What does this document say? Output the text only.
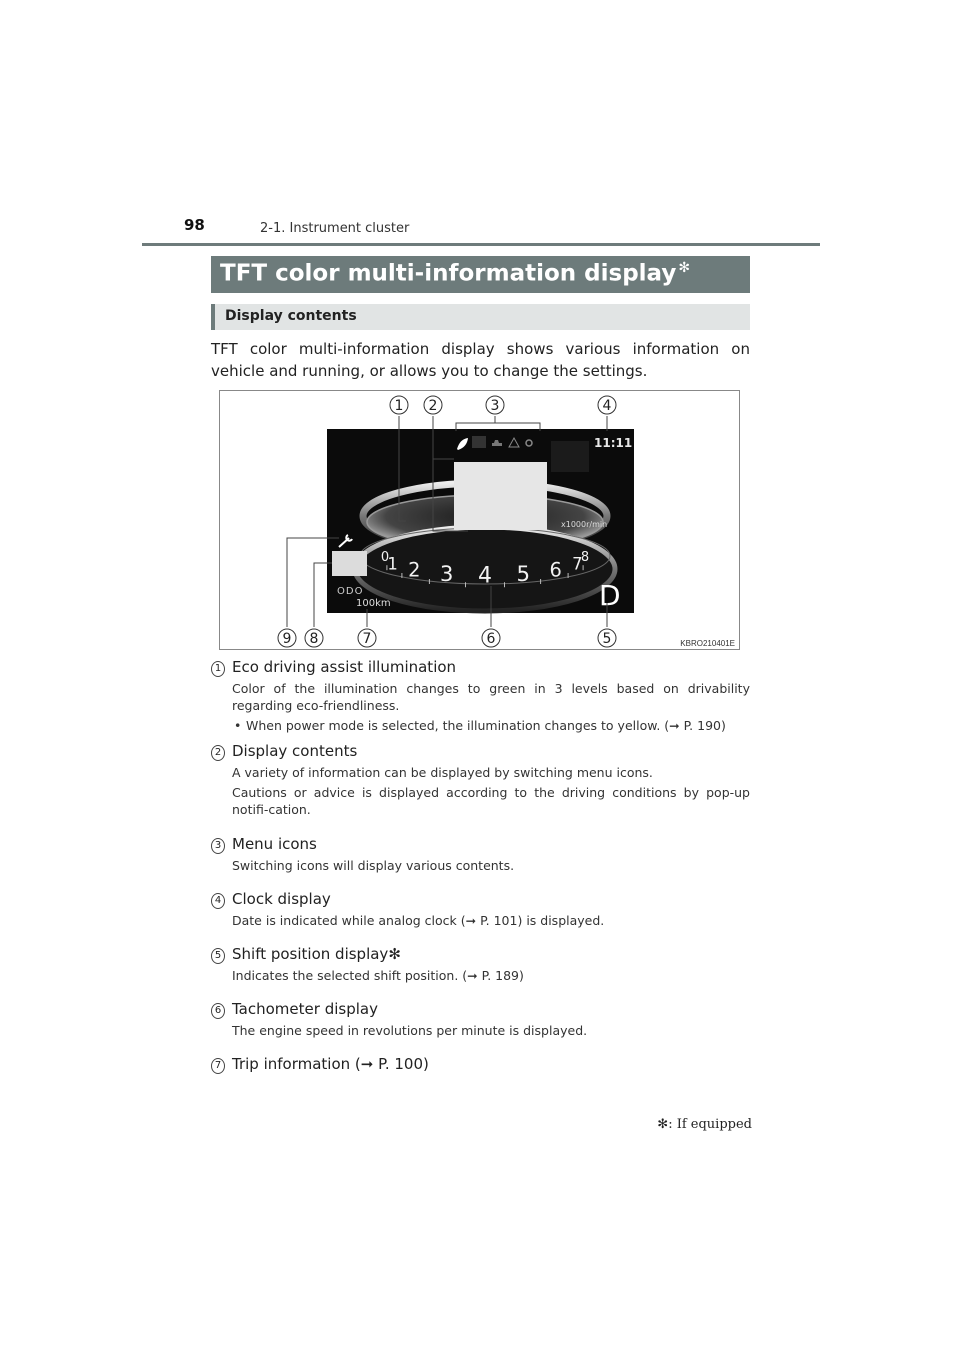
98	2-1. Instrument cluster
TFT color multi-information display ✻
Display contents
TFT color multi-information display shows various information on vehicle and running, or allows you to change the settings.
11:11
x1000r/min
0
1 2 3 4 5 6 7
8
ODO
100km	D
1 2	3	4
5
6
7
8
9	KBRO210401E
1 Eco driving assist illumination

Color of the illumination changes to green in 3 levels based on drivability regarding eco-friendliness.

• When power mode is selected, the illumination changes to yellow. (➞ P. 190)

2 Display contents

A variety of information can be displayed by switching menu icons.

Cautions or advice is displayed according to the driving conditions by pop-up notifi-cation.

3 Menu icons

Switching icons will display various contents.

4 Clock display

Date is indicated while analog clock (➞ P. 101) is displayed.

5 Shift position display✻

Indicates the selected shift position. (➞ P. 189)

6 Tachometer display

The engine speed in revolutions per minute is displayed.

7 Trip information (➞ P. 100)
✻: If equipped
